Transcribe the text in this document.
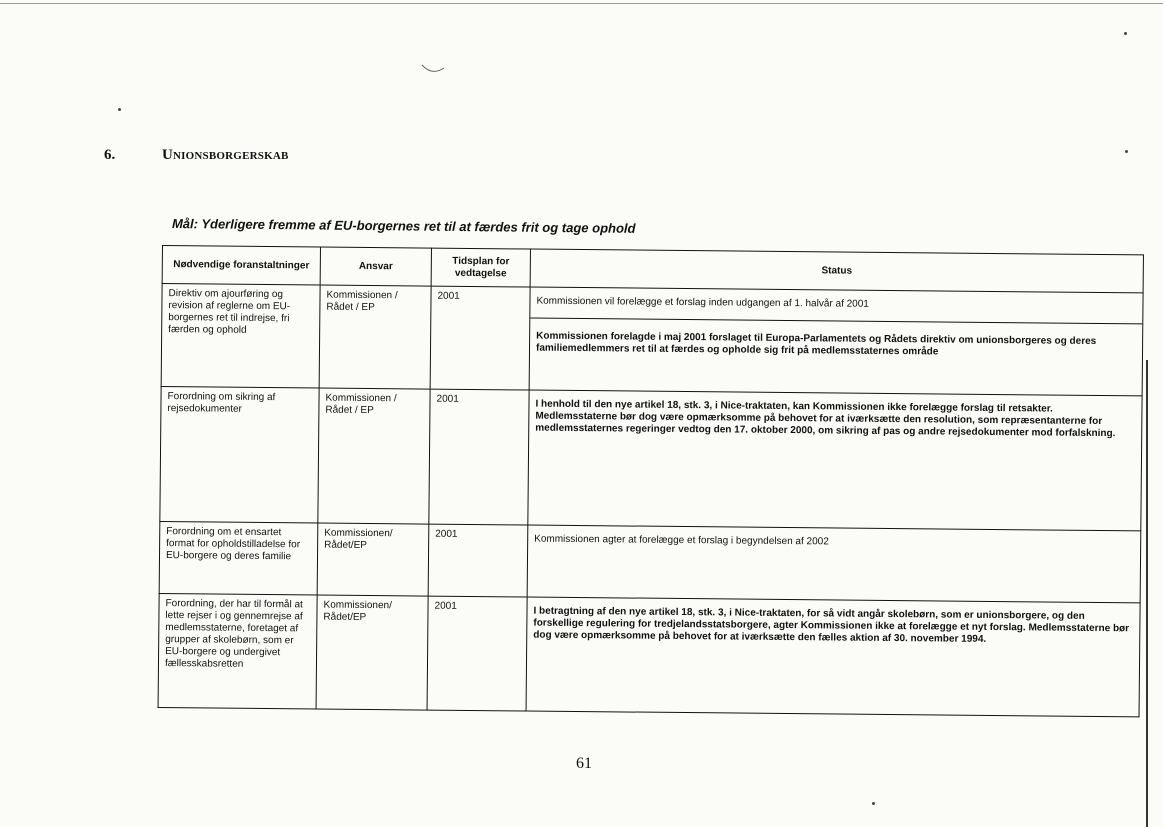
6.	Unionsborgerskab
Mål: Yderligere fremme af EU-borgernes ret til at færdes frit og tage ophold
Nødvendige foranstaltninger	Ansvar	Tidsplan for vedtagelse	Status
Direktiv om ajourføring og revision af reglerne om EU-borgernes ret til indrejse, fri færden og ophold	Kommissionen / Rådet / EP	2001	Kommissionen vil forelægge et forslag inden udgangen af 1. halvår af 2001
Kommissionen forelagde i maj 2001 forslaget til Europa-Parlamentets og Rådets direktiv om unionsborgeres og deres familiemedlemmers ret til at færdes og opholde sig frit på medlemsstaternes område

Forordning om sikring af rejsedokumenter	Kommissionen / Rådet / EP	2001	I henhold til den nye artikel 18, stk. 3, i Nice-traktaten, kan Kommissionen ikke forelægge forslag til retsakter. Medlemsstaterne bør dog være opmærksomme på behovet for at iværksætte den resolution, som repræsentanterne for medlemsstaternes regeringer vedtog den 17. oktober 2000, om sikring af pas og andre rejsedokumenter mod forfalskning.

Forordning om et ensartet format for opholdstilladelse for EU-borgere og deres familie	Kommissionen/ Rådet/EP	2001	Kommissionen agter at forelægge et forslag i begyndelsen af 2002

Forordning, der har til formål at lette rejser i og gennemrejse af medlemsstaterne, foretaget af grupper af skolebørn, som er EU-borgere og undergivet fællesskabsretten	Kommissionen/ Rådet/EP	2001	I betragtning af den nye artikel 18, stk. 3, i Nice-traktaten, for så vidt angår skolebørn, som er unionsborgere, og den forskellige regulering for tredjelandsstatsborgere, agter Kommissionen ikke at forelægge et nyt forslag. Medlemsstaterne bør dog være opmærksomme på behovet for at iværksætte den fælles aktion af 30. november 1994.
61
